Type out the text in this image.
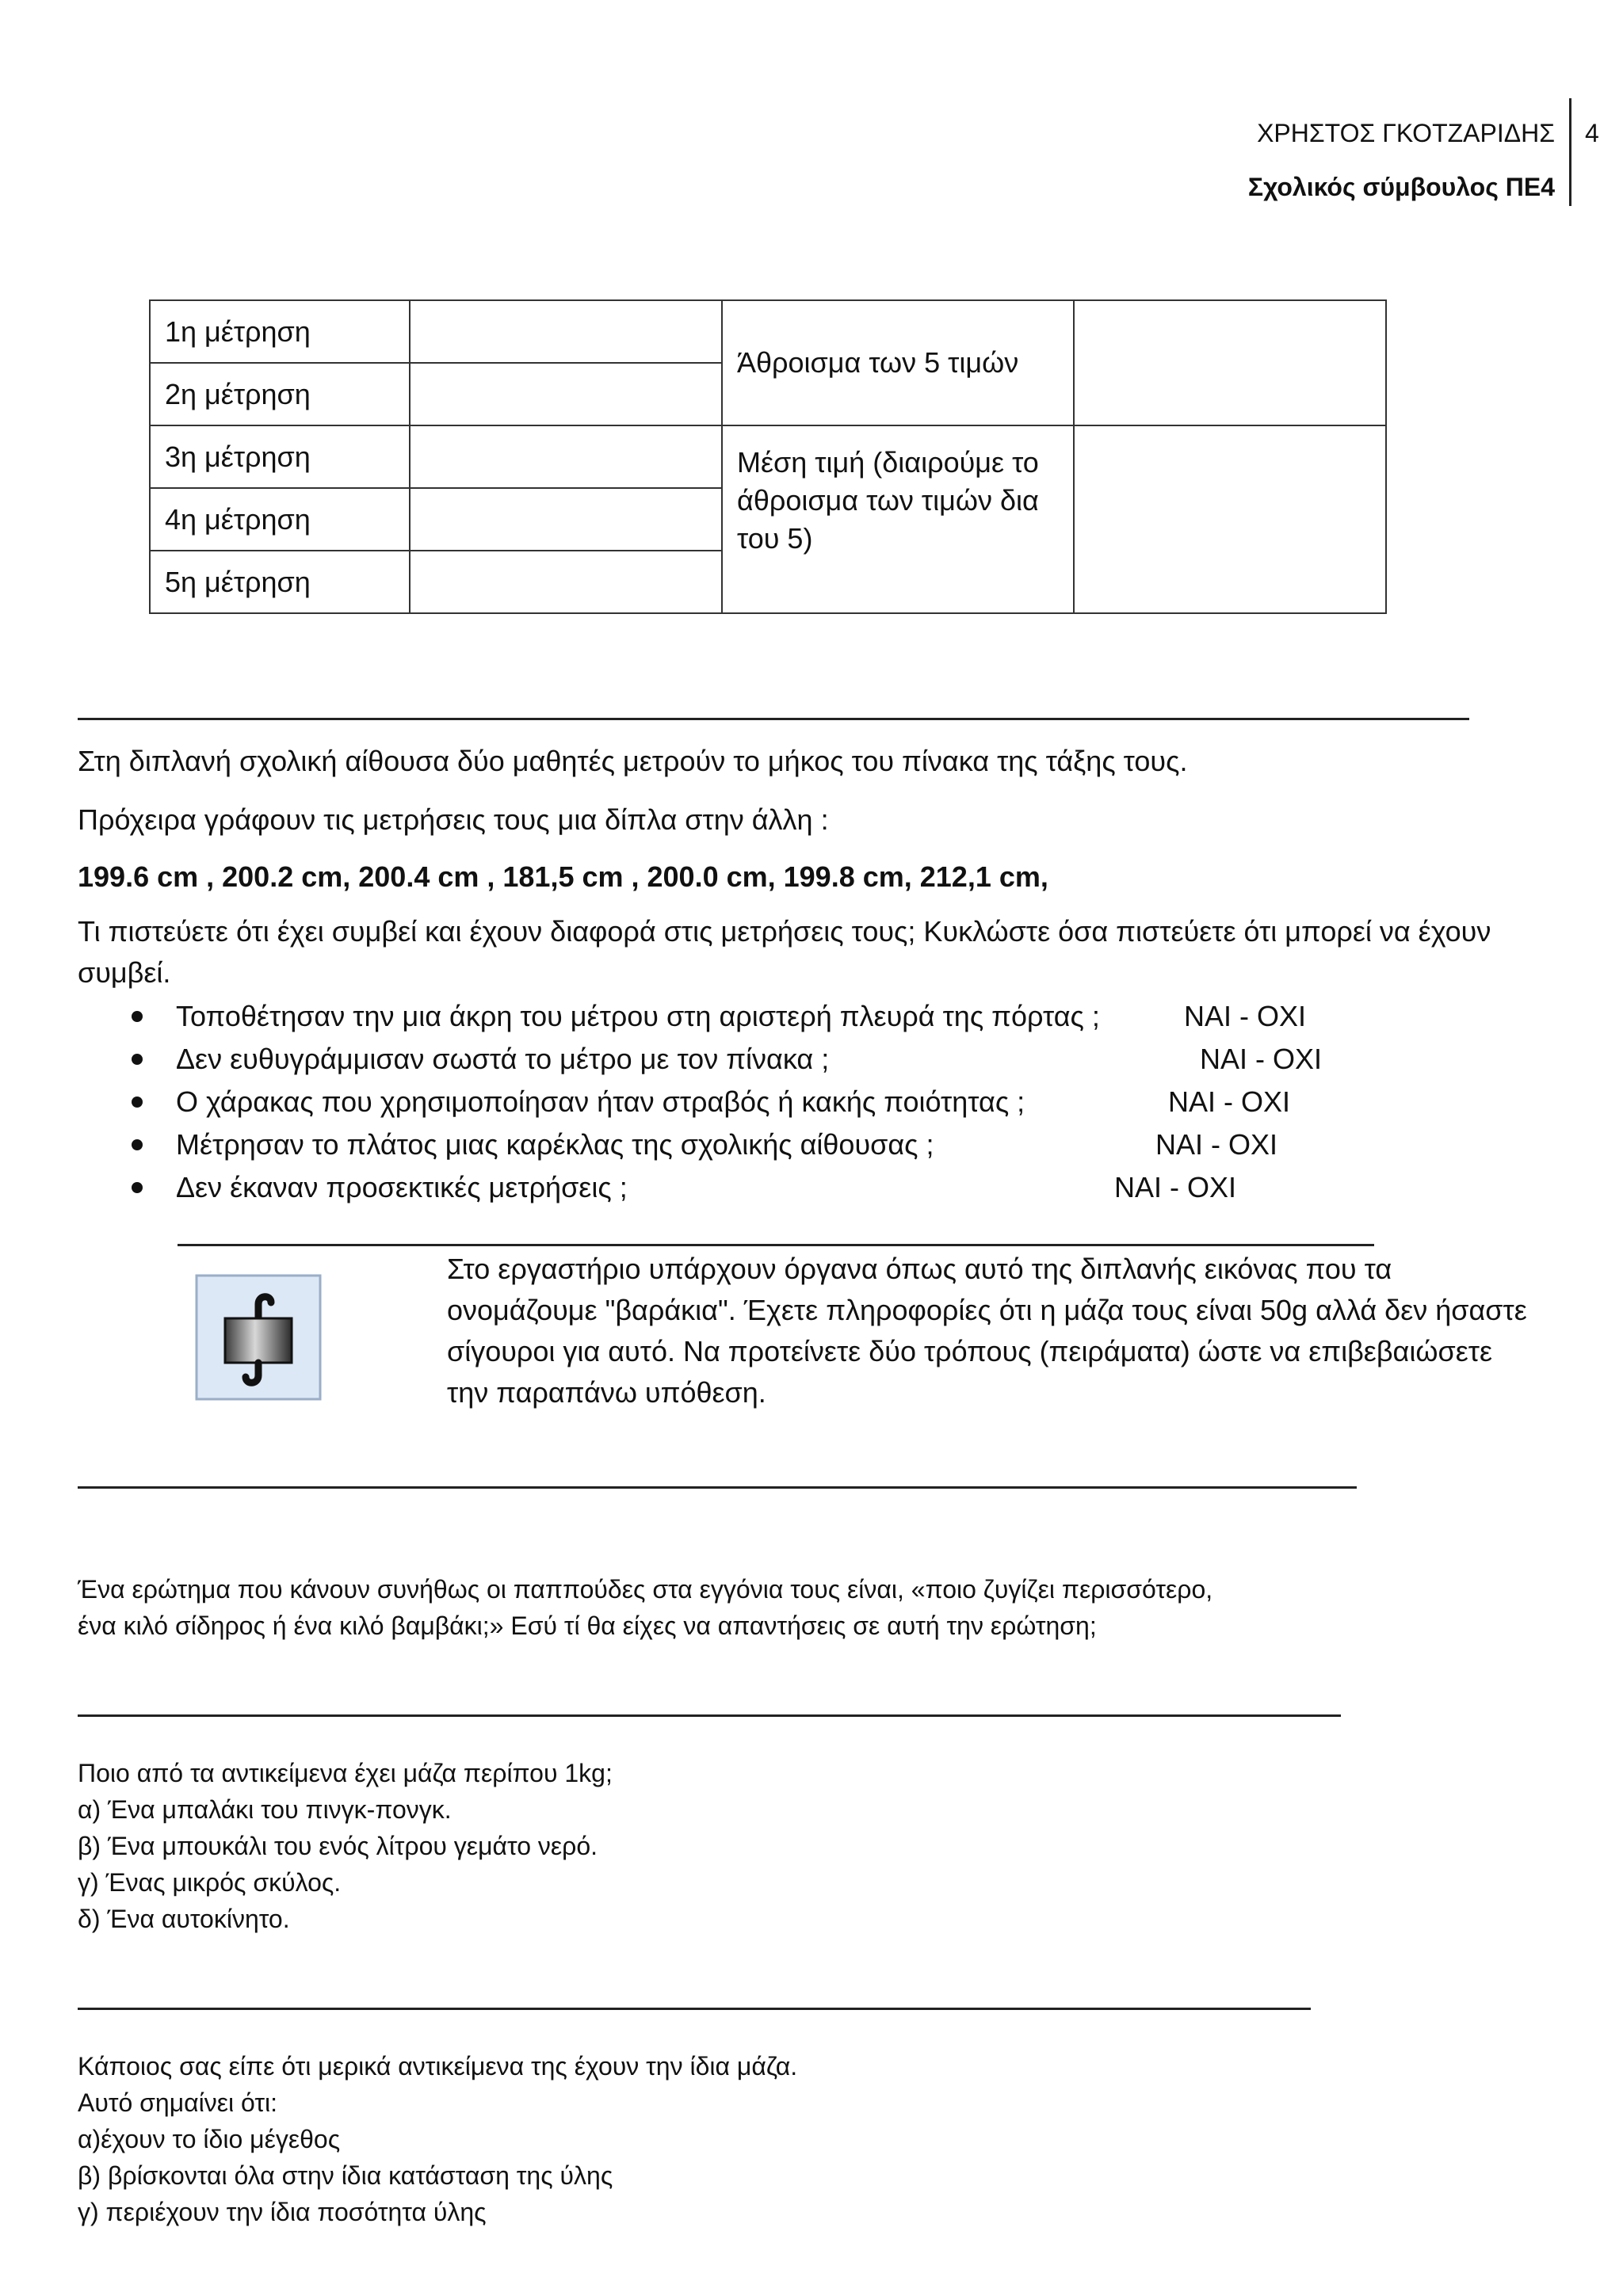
ΧΡΗΣΤΟΣ ΓΚΟΤΖΑΡΙΔΗΣ
Σχολικός σύμβουλος ΠΕ4
4
1η μέτρηση		Άθροισμα των 5 τιμών	
2η μέτρηση			
3η μέτρηση		Μέση τιμή (διαιρούμε το άθροισμα των τιμών δια του 5)	
4η μέτρηση			
5η μέτρηση			
Στη διπλανή σχολική αίθουσα δύο μαθητές μετρούν το μήκος του πίνακα της τάξης τους.
Πρόχειρα γράφουν τις μετρήσεις τους μια δίπλα στην άλλη :
199.6 cm , 200.2 cm, 200.4 cm , 181,5 cm , 200.0 cm, 199.8 cm, 212,1 cm,
Τι πιστεύετε ότι έχει συμβεί και έχουν διαφορά στις μετρήσεις τους; Κυκλώστε όσα πιστεύετε ότι μπορεί να έχουν συμβεί.
Τοποθέτησαν την μια άκρη του μέτρου στη αριστερή πλευρά της πόρτας ;	ΝΑΙ - ΟΧΙ
Δεν ευθυγράμμισαν σωστά το μέτρο με τον πίνακα ;	ΝΑΙ - ΟΧΙ
Ο χάρακας που χρησιμοποίησαν ήταν στραβός ή κακής ποιότητας ;	ΝΑΙ - ΟΧΙ
Μέτρησαν το πλάτος μιας καρέκλας της σχολικής αίθουσας ;	ΝΑΙ - ΟΧΙ
Δεν έκαναν προσεκτικές μετρήσεις ;	ΝΑΙ - ΟΧΙ
Στο εργαστήριο υπάρχουν όργανα όπως αυτό της διπλανής εικόνας που τα ονομάζουμε "βαράκια". Έχετε πληροφορίες ότι η μάζα τους είναι 50g αλλά δεν ήσαστε σίγουροι για αυτό. Να προτείνετε δύο τρόπους (πειράματα) ώστε να επιβεβαιώσετε την παραπάνω υπόθεση.
Ένα ερώτημα που κάνουν συνήθως οι παππούδες στα εγγόνια τους είναι, «ποιο ζυγίζει περισσότερο,
ένα κιλό σίδηρος ή ένα κιλό βαμβάκι;» Εσύ τί θα είχες να απαντήσεις σε αυτή την ερώτηση;
Ποιο από τα αντικείμενα έχει μάζα περίπου 1kg;
α) Ένα μπαλάκι του πινγκ-πονγκ.
β) Ένα μπουκάλι του ενός λίτρου γεμάτο νερό.
γ) Ένας μικρός σκύλος.
δ) Ένα αυτοκίνητο.
Κάποιος σας είπε ότι μερικά αντικείμενα της έχουν την ίδια μάζα.
Αυτό σημαίνει ότι:
α)έχουν το ίδιο μέγεθος
β) βρίσκονται όλα στην ίδια κατάσταση της ύλης
γ) περιέχουν την ίδια ποσότητα ύλης
